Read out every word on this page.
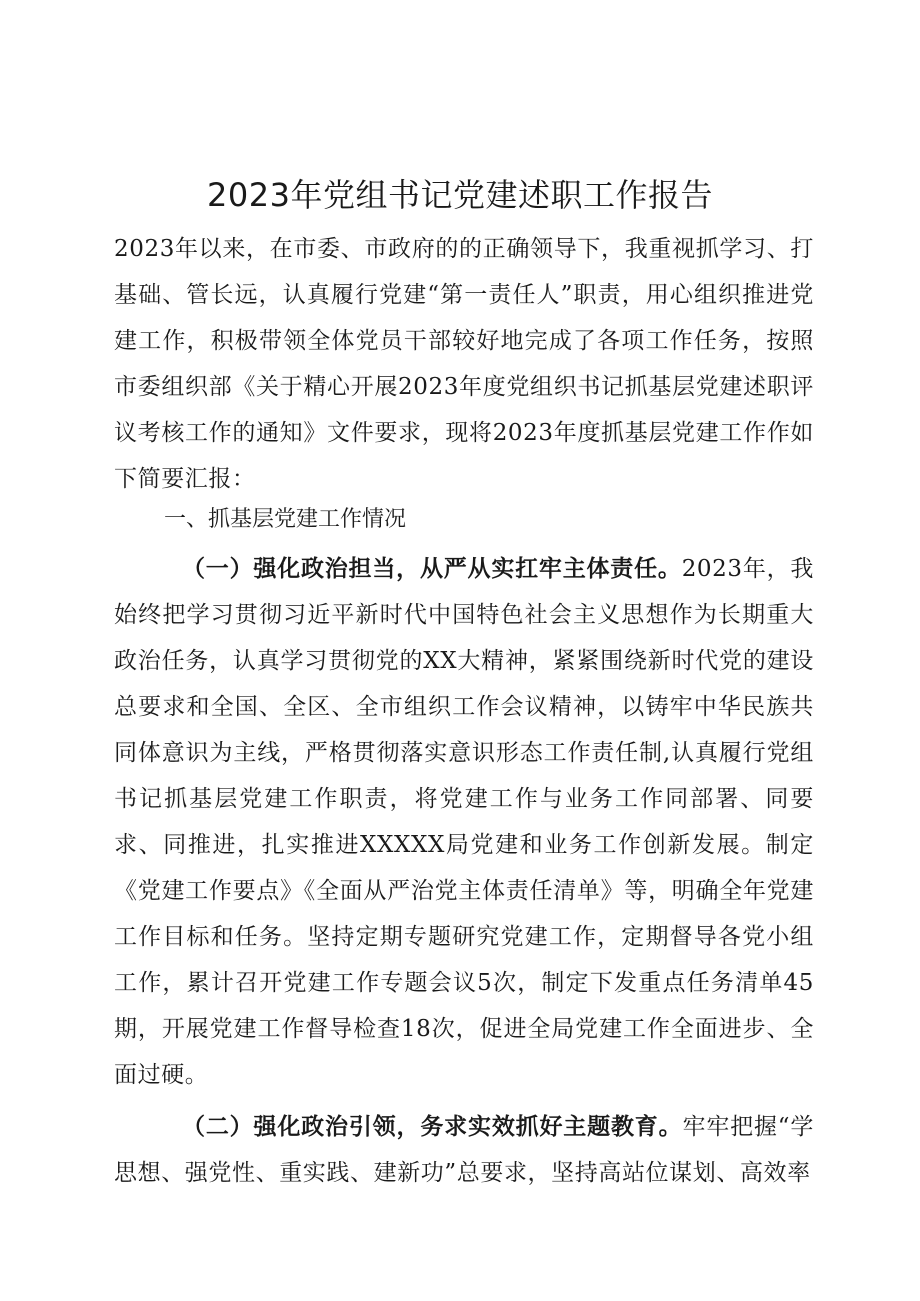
2023年党组书记党建述职工作报告

2023年以来，在市委、市政府的的正确领导下，我重视抓学习、打基础、管长远，认真履行党建“第一责任人”职责，用心组织推进党建工作，积极带领全体党员干部较好地完成了各项工作任务，按照市委组织部《关于精心开展2023年度党组织书记抓基层党建述职评议考核工作的通知》文件要求，现将2023年度抓基层党建工作作如下简要汇报：

一、抓基层党建工作情况

（一）强化政治担当，从严从实扛牢主体责任。2023年，我始终把学习贯彻习近平新时代中国特色社会主义思想作为长期重大政治任务，认真学习贯彻党的XX大精神，紧紧围绕新时代党的建设总要求和全国、全区、全市组织工作会议精神，以铸牢中华民族共同体意识为主线，严格贯彻落实意识形态工作责任制,认真履行党组书记抓基层党建工作职责，将党建工作与业务工作同部署、同要求、同推进，扎实推进XXXXX局党建和业务工作创新发展。制定《党建工作要点》《全面从严治党主体责任清单》等，明确全年党建工作目标和任务。坚持定期专题研究党建工作，定期督导各党小组工作，累计召开党建工作专题会议5次，制定下发重点任务清单45期，开展党建工作督导检查18次，促进全局党建工作全面进步、全面过硬。

（二）强化政治引领，务求实效抓好主题教育。牢牢把握“学思想、强党性、重实践、建新功”总要求，坚持高站位谋划、高效率
